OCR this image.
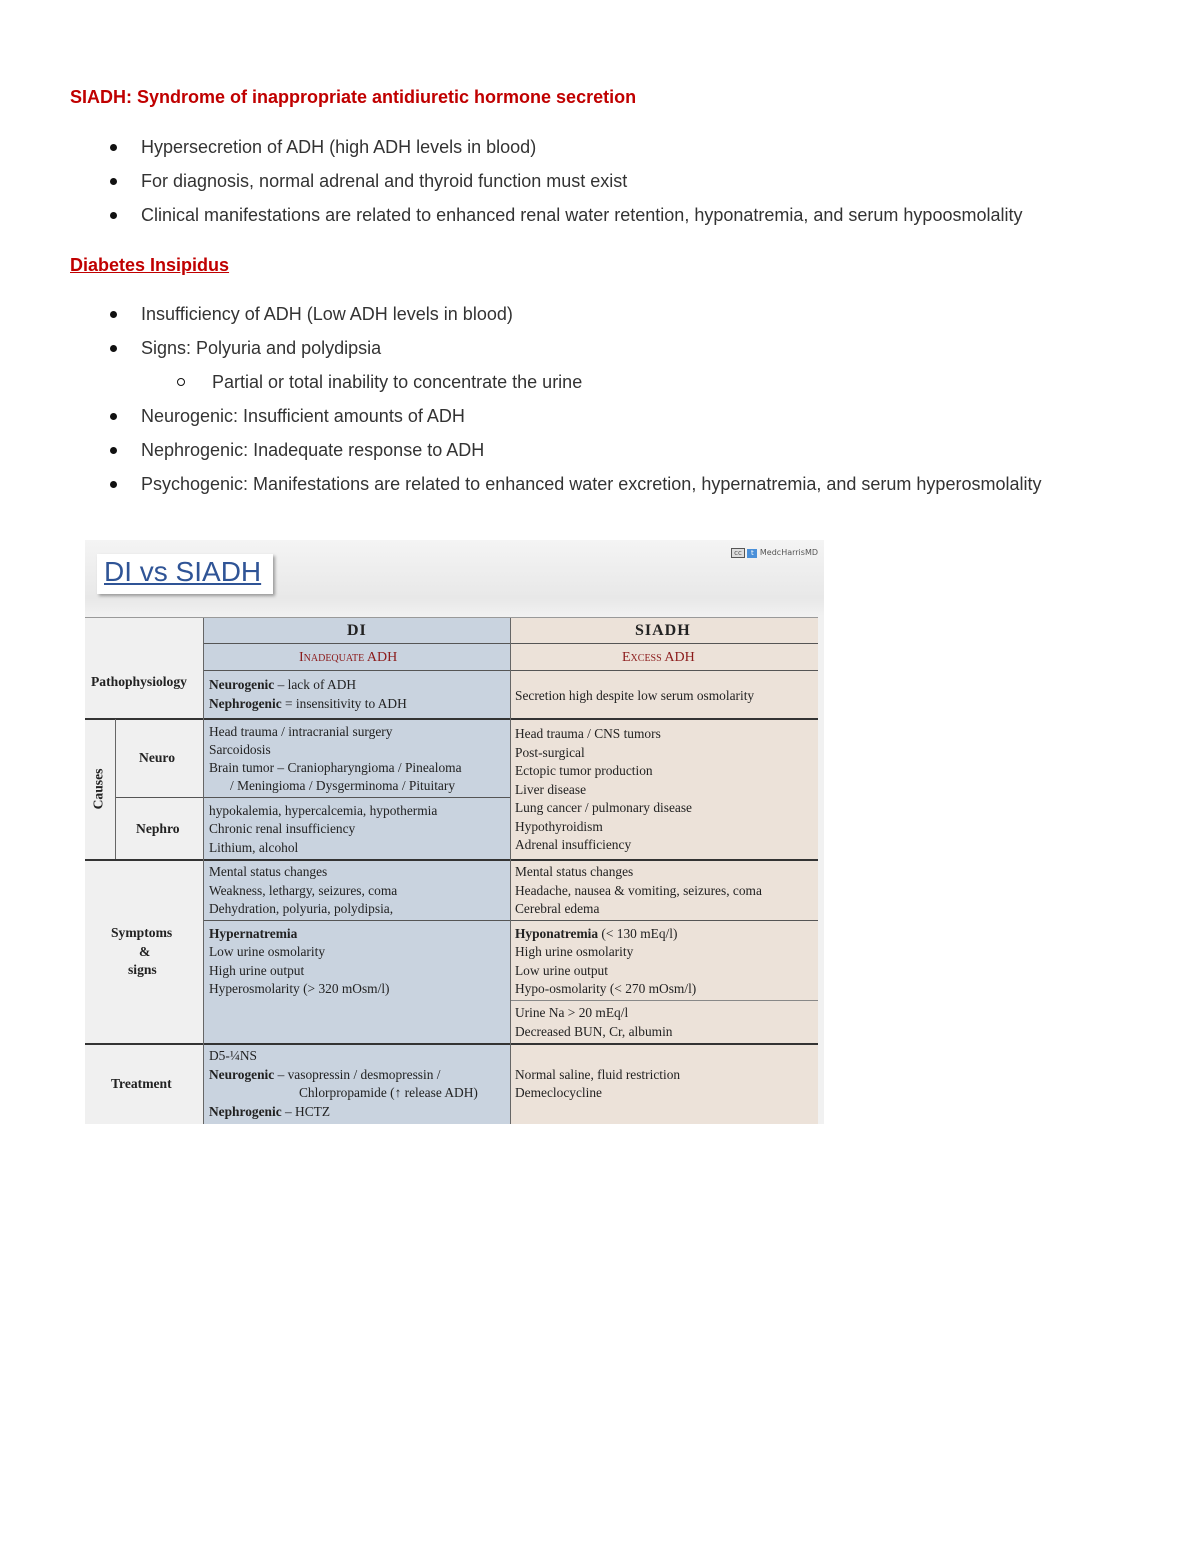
SIADH: Syndrome of inappropriate antidiuretic hormone secretion

Hypersecretion of ADH (high ADH levels in blood)
For diagnosis, normal adrenal and thyroid function must exist
Clinical manifestations are related to enhanced renal water retention, hyponatremia, and serum hypoosmolality

Diabetes Insipidus

Insufficiency of ADH (Low ADH levels in blood)
Signs: Polyuria and polydipsia
Partial or total inability to concentrate the urine
Neurogenic: Insufficient amounts of ADH
Nephrogenic: Inadequate response to ADH
Psychogenic: Manifestations are related to enhanced water excretion, hypernatremia, and serum hyperosmolality
DI vs SIADH
cc t MedcHarrisMD
DI	SIADH
Inadequate ADH	Excess ADH
Pathophysiology Neurogenic – lack of ADH
Nephrogenic = insensitivity to ADH
Secretion high despite low serum osmolarity
Causes
Neuro
Nephro
Head trauma / intracranial surgery
Sarcoidosis
Brain tumor – Craniopharyngioma / Pinealoma
/ Meningioma / Dysgerminoma / Pituitary
hypokalemia, hypercalcemia, hypothermia
Chronic renal insufficiency
Lithium, alcohol
Head trauma / CNS tumors
Post-surgical
Ectopic tumor production
Liver disease
Lung cancer / pulmonary disease
Hypothyroidism
Adrenal insufficiency
Symptoms
&
signs
Mental status changes
Weakness, lethargy, seizures, coma
Dehydration, polyuria, polydipsia,
Mental status changes
Headache, nausea & vomiting, seizures, coma
Cerebral edema
Hypernatremia
Low urine osmolarity
High urine output
Hyperosmolarity (> 320 mOsm/l)
Hyponatremia (< 130 mEq/l)
High urine osmolarity
Low urine output
Hypo-osmolarity (< 270 mOsm/l)
Urine Na > 20 mEq/l
Decreased BUN, Cr, albumin
Treatment
D5-¼NS
Neurogenic – vasopressin / desmopressin /
Chlorpropamide (↑ release ADH)
Nephrogenic – HCTZ
Normal saline, fluid restriction
Demeclocycline
